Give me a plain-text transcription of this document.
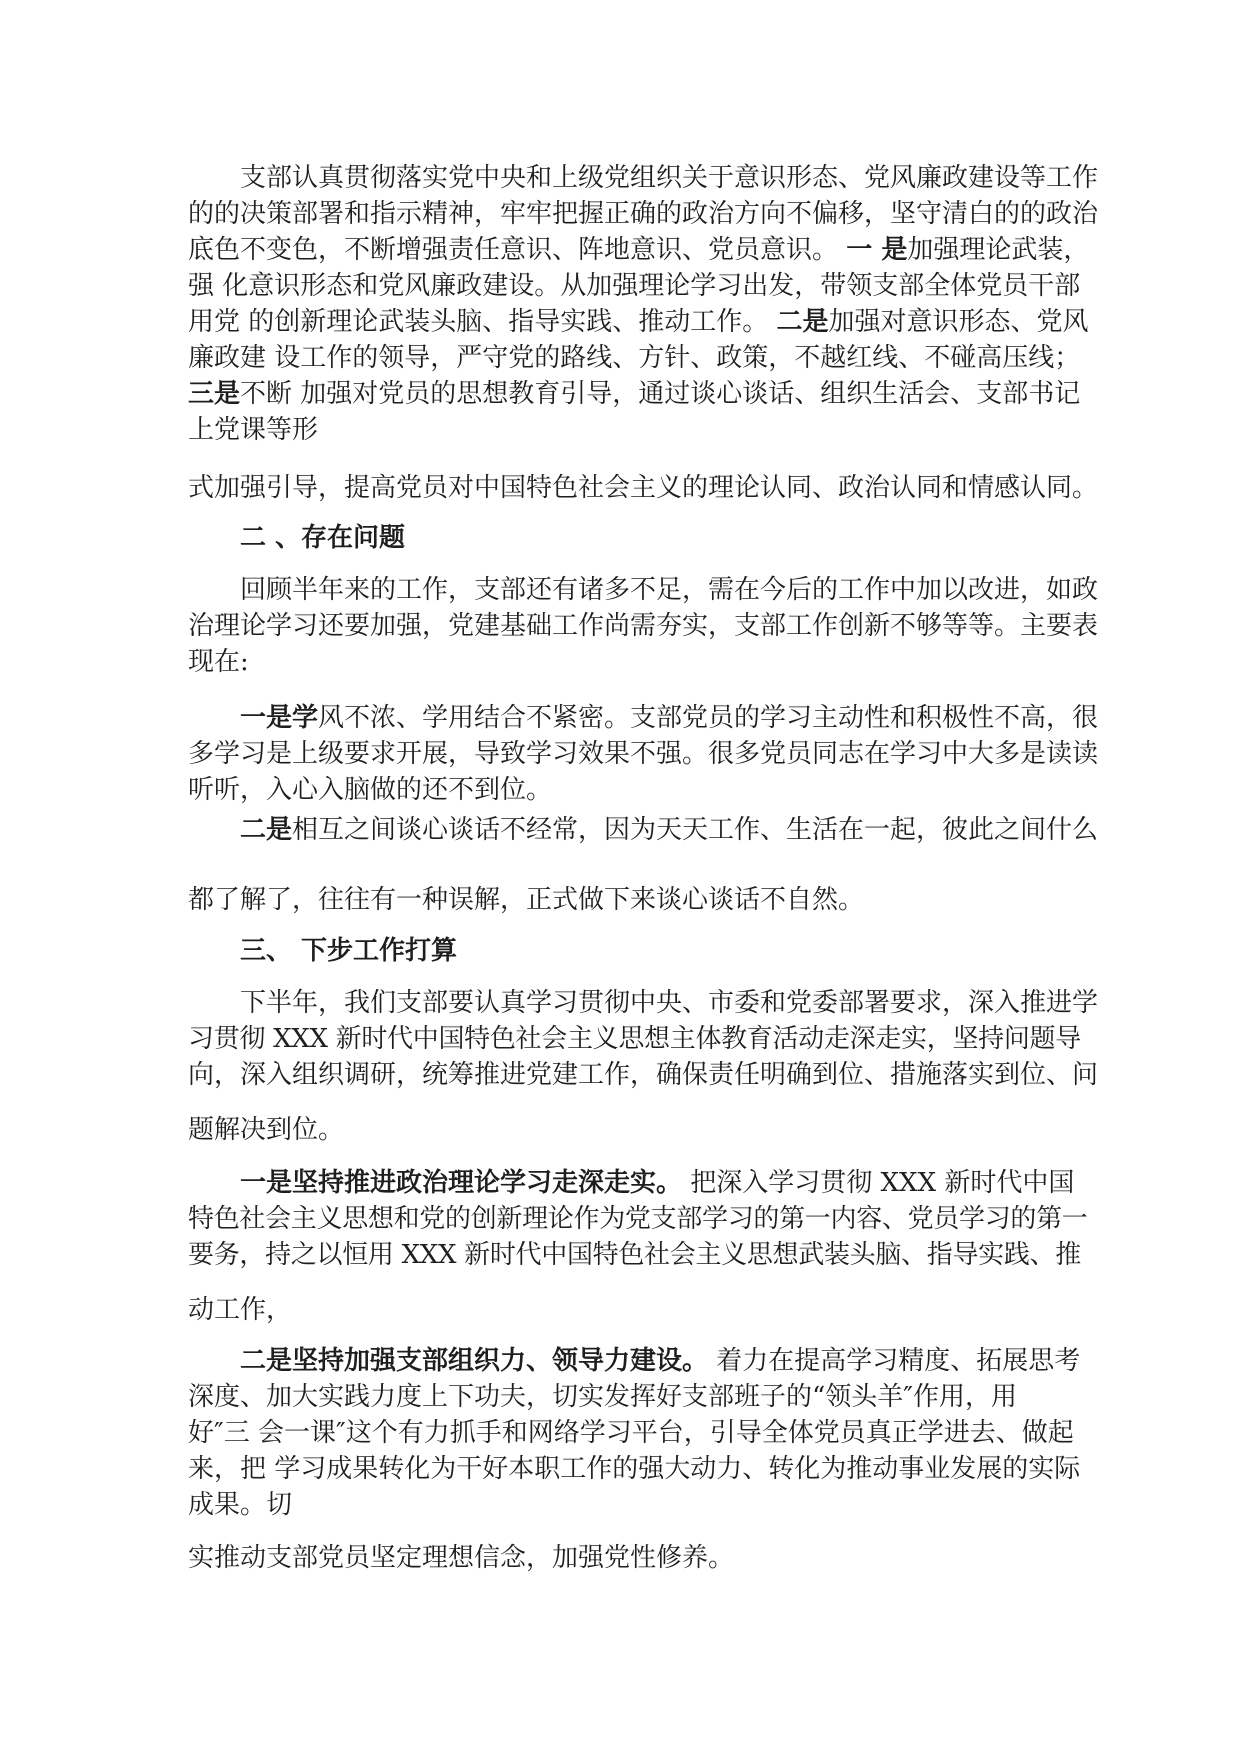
支部认真贯彻落实党中央和上级党组织关于意识形态、党风廉政建设等工作
的的决策部署和指示精神，牢牢把握正确的政治方向不偏移，坚守清白的的政治
底色不变色，不断增强责任意识、阵地意识、党员意识。 一 是加强理论武装，
强 化意识形态和党风廉政建设。从加强理论学习出发，带领支部全体党员干部
用党 的创新理论武装头脑、指导实践、推动工作。 二是加强对意识形态、党风
廉政建 设工作的领导，严守党的路线、方针、政策，不越红线、不碰高压线；
三是不断 加强对党员的思想教育引导，通过谈心谈话、组织生活会、支部书记
上党课等形
式加强引导，提高党员对中国特色社会主义的理论认同、政治认同和情感认同。
二 、存在问题
回顾半年来的工作，支部还有诸多不足，需在今后的工作中加以改进，如政
治理论学习还要加强，党建基础工作尚需夯实，支部工作创新不够等等。主要表
现在:
一是学风不浓、学用结合不紧密。支部党员的学习主动性和积极性不高，很
多学习是上级要求开展，导致学习效果不强。很多党员同志在学习中大多是读读
听听，入心入脑做的还不到位。
二是相互之间谈心谈话不经常，因为天天工作、生活在一起，彼此之间什么
都了解了，往往有一种误解，正式做下来谈心谈话不自然。
三、 下步工作打算
下半年，我们支部要认真学习贯彻中央、市委和党委部署要求，深入推进学
习贯彻 XXX 新时代中国特色社会主义思想主体教育活动走深走实，坚持问题导
向，深入组织调研，统筹推进党建工作，确保责任明确到位、措施落实到位、问
题解决到位。
一是坚持推进政治理论学习走深走实。 把深入学习贯彻 XXX 新时代中国
特色社会主义思想和党的创新理论作为党支部学习的第一内容、党员学习的第一
要务，持之以恒用 XXX 新时代中国特色社会主义思想武装头脑、指导实践、推
动工作，
二是坚持加强支部组织力、领导力建设。 着力在提高学习精度、拓展思考
深度、加大实践力度上下功夫，切实发挥好支部班子的“领头羊″作用，用
好″三 会一课″这个有力抓手和网络学习平台，引导全体党员真正学进去、做起
来，把 学习成果转化为干好本职工作的强大动力、转化为推动事业发展的实际
成果。切
实推动支部党员坚定理想信念，加强党性修养。
